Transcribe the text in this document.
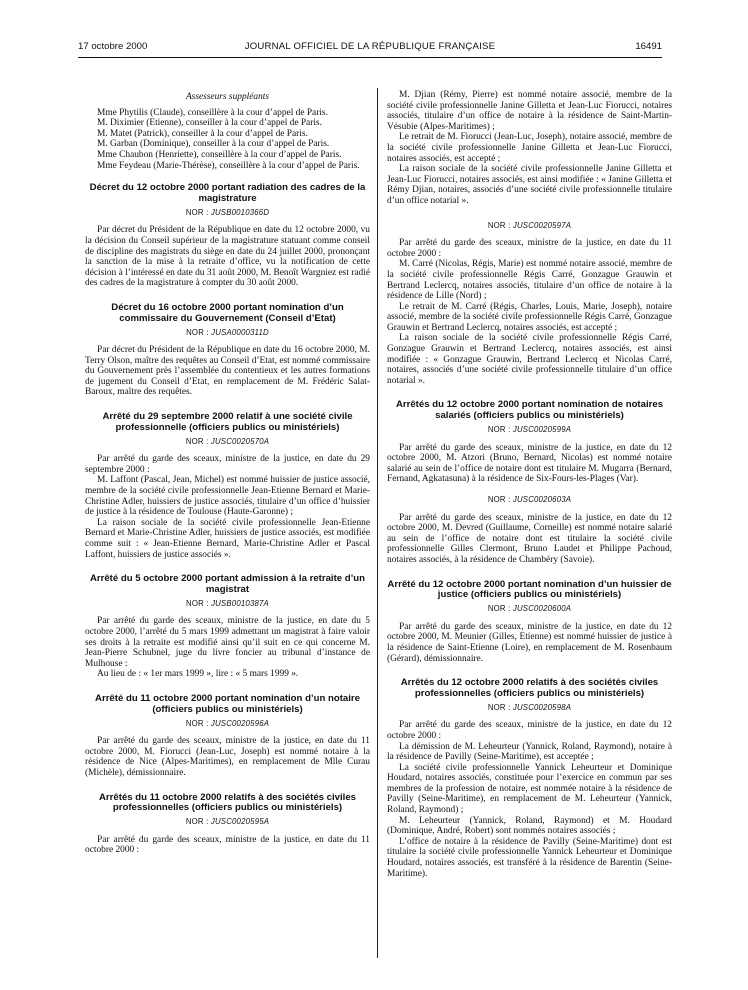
17 octobre 2000	JOURNAL OFFICIEL DE LA RÉPUBLIQUE FRANÇAISE	16491
Assesseurs suppléants

Mme Phytilis (Claude), conseillère à la cour d’appel de Paris.

M. Diximier (Etienne), conseiller à la cour d’appel de Paris.

M. Matet (Patrick), conseiller à la cour d’appel de Paris.

M. Garban (Dominique), conseiller à la cour d’appel de Paris.

Mme Chaubon (Henriette), conseillère à la cour d’appel de Paris.

Mme Feydeau (Marie-Thérèse), conseillère à la cour d’appel de Paris.

Décret du 12 octobre 2000 portant radiation des cadres de la magistrature
NOR : JUSB0010366D

Par décret du Président de la République en date du 12 octobre 2000, vu la décision du Conseil supérieur de la magistrature statuant comme conseil de discipline des magistrats du siège en date du 24 juillet 2000, prononçant la sanction de la mise à la retraite d’office, vu la notification de cette décision à l’intéressé en date du 31 août 2000, M. Benoît Wargniez est radié des cadres de la magistrature à compter du 30 août 2000.

Décret du 16 octobre 2000 portant nomination d’un commissaire du Gouvernement (Conseil d’Etat)
NOR : JUSA0000311D

Par décret du Président de la République en date du 16 octobre 2000, M. Terry Olson, maître des requêtes au Conseil d’Etat, est nommé commissaire du Gouvernement près l’assemblée du contentieux et les autres formations de jugement du Conseil d’Etat, en remplacement de M. Frédéric Salat-Baroux, maître des requêtes.

Arrêté du 29 septembre 2000 relatif à une société civile professionnelle (officiers publics ou ministériels)
NOR : JUSC0020570A

Par arrêté du garde des sceaux, ministre de la justice, en date du 29 septembre 2000 :

M. Laffont (Pascal, Jean, Michel) est nommé huissier de justice associé, membre de la société civile professionnelle Jean-Etienne Bernard et Marie-Christine Adler, huissiers de justice associés, titulaire d’un office d’huissier de justice à la résidence de Toulouse (Haute-Garonne) ;

La raison sociale de la société civile professionnelle Jean-Etienne Bernard et Marie-Christine Adler, huissiers de justice associés, est modifiée comme suit : « Jean-Etienne Bernard, Marie-Christine Adler et Pascal Laffont, huissiers de justice associés ».

Arrêté du 5 octobre 2000 portant admission à la retraite d’un magistrat
NOR : JUSB0010387A

Par arrêté du garde des sceaux, ministre de la justice, en date du 5 octobre 2000, l’arrêté du 5 mars 1999 admettant un magistrat à faire valoir ses droits à la retraite est modifié ainsi qu’il suit en ce qui concerne M. Jean-Pierre Schubnel, juge du livre foncier au tribunal d’instance de Mulhouse :

Au lieu de : « 1er mars 1999 », lire : « 5 mars 1999 ».

Arrêté du 11 octobre 2000 portant nomination d’un notaire (officiers publics ou ministériels)
NOR : JUSC0020596A

Par arrêté du garde des sceaux, ministre de la justice, en date du 11 octobre 2000, M. Fiorucci (Jean-Luc, Joseph) est nommé notaire à la résidence de Nice (Alpes-Maritimes), en remplacement de Mlle Curau (Michèle), démissionnaire.

Arrêtés du 11 octobre 2000 relatifs à des sociétés civiles professionnelles (officiers publics ou ministériels)
NOR : JUSC0020595A

Par arrêté du garde des sceaux, ministre de la justice, en date du 11 octobre 2000 :

M. Djian (Rémy, Pierre) est nommé notaire associé, membre de la société civile professionnelle Janine Gilletta et Jean-Luc Fiorucci, notaires associés, titulaire d’un office de notaire à la résidence de Saint-Martin-Vésubie (Alpes-Maritimes) ;

Le retrait de M. Fiorucci (Jean-Luc, Joseph), notaire associé, membre de la société civile professionnelle Janine Gilletta et Jean-Luc Fiorucci, notaires associés, est accepté ;

La raison sociale de la société civile professionnelle Janine Gilletta et Jean-Luc Fiorucci, notaires associés, est ainsi modifiée : « Janine Gilletta et Rémy Djian, notaires, associés d’une société civile professionnelle titulaire d’un office notarial ».

NOR : JUSC0020597A

Par arrêté du garde des sceaux, ministre de la justice, en date du 11 octobre 2000 :

M. Carré (Nicolas, Régis, Marie) est nommé notaire associé, membre de la société civile professionnelle Régis Carré, Gonzague Grauwin et Bertrand Leclercq, notaires associés, titulaire d’un office de notaire à la résidence de Lille (Nord) ;

Le retrait de M. Carré (Régis, Charles, Louis, Marie, Joseph), notaire associé, membre de la société civile professionnelle Régis Carré, Gonzague Grauwin et Bertrand Leclercq, notaires associés, est accepté ;

La raison sociale de la société civile professionnelle Régis Carré, Gonzague Grauwin et Bertrand Leclercq, notaires associés, est ainsi modifiée : « Gonzague Grauwin, Bertrand Leclercq et Nicolas Carré, notaires, associés d’une société civile professionnelle titulaire d’un office notarial ».

Arrêtés du 12 octobre 2000 portant nomination de notaires salariés (officiers publics ou ministériels)
NOR : JUSC0020599A

Par arrêté du garde des sceaux, ministre de la justice, en date du 12 octobre 2000, M. Atzori (Bruno, Bernard, Nicolas) est nommé notaire salarié au sein de l’office de notaire dont est titulaire M. Mugarra (Bernard, Fernand, Agkatasuna) à la résidence de Six-Fours-les-Plages (Var).

NOR : JUSC0020603A

Par arrêté du garde des sceaux, ministre de la justice, en date du 12 octobre 2000, M. Devred (Guillaume, Corneille) est nommé notaire salarié au sein de l’office de notaire dont est titulaire la société civile professionnelle Gilles Clermont, Bruno Laudet et Philippe Pachoud, notaires associés, à la résidence de Chambéry (Savoie).

Arrêté du 12 octobre 2000 portant nomination d’un huissier de justice (officiers publics ou ministériels)
NOR : JUSC0020600A

Par arrêté du garde des sceaux, ministre de la justice, en date du 12 octobre 2000, M. Meunier (Gilles, Etienne) est nommé huissier de justice à la résidence de Saint-Etienne (Loire), en remplacement de M. Rosenbaum (Gérard), démissionnaire.

Arrêtés du 12 octobre 2000 relatifs à des sociétés civiles professionnelles (officiers publics ou ministériels)
NOR : JUSC0020598A

Par arrêté du garde des sceaux, ministre de la justice, en date du 12 octobre 2000 :

La démission de M. Leheurteur (Yannick, Roland, Raymond), notaire à la résidence de Pavilly (Seine-Maritime), est acceptée ;

La société civile professionnelle Yannick Leheurteur et Dominique Houdard, notaires associés, constituée pour l’exercice en commun par ses membres de la profession de notaire, est nommée notaire à la résidence de Pavilly (Seine-Maritime), en remplacement de M. Leheurteur (Yannick, Roland, Raymond) ;

M. Leheurteur (Yannick, Roland, Raymond) et M. Houdard (Dominique, André, Robert) sont nommés notaires associés ;

L’office de notaire à la résidence de Pavilly (Seine-Maritime) dont est titulaire la société civile professionnelle Yannick Leheurteur et Dominique Houdard, notaires associés, est transféré à la résidence de Barentin (Seine-Maritime).
